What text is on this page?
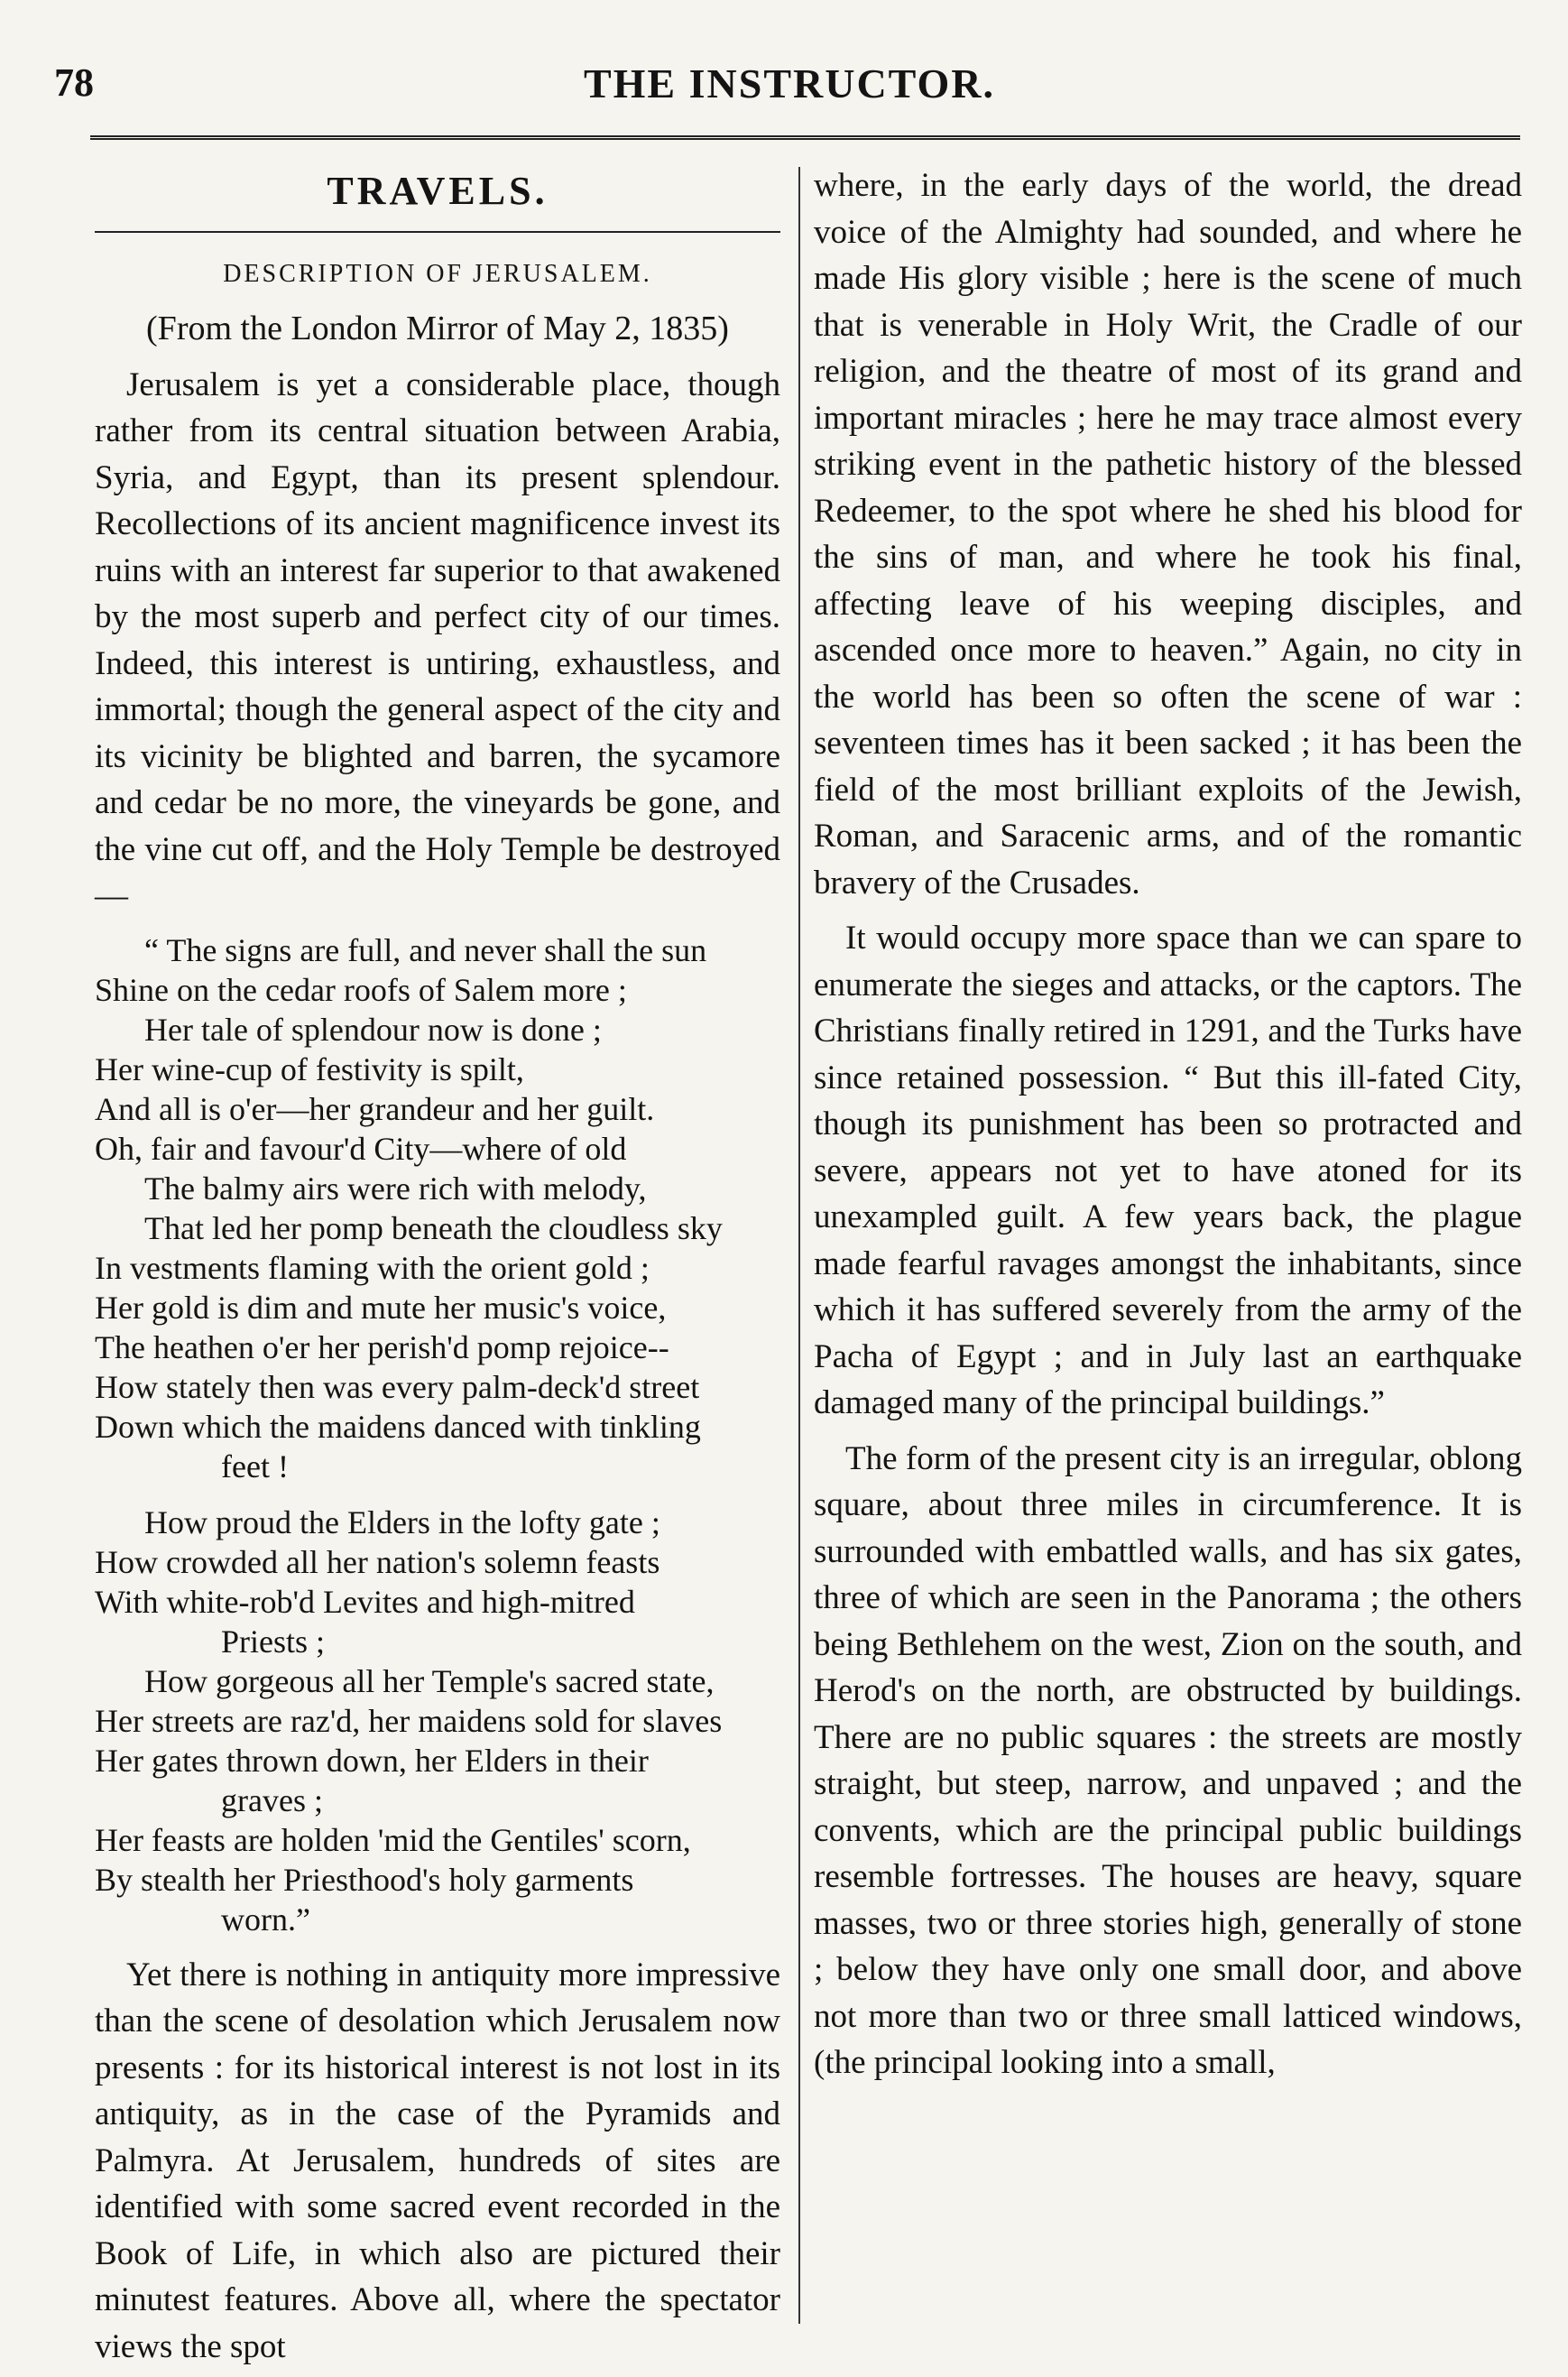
78	THE INSTRUCTOR.
TRAVELS.
DESCRIPTION OF JERUSALEM.
(From the London Mirror of May 2, 1835)

Jerusalem is yet a considerable place, though rather from its central situation between Arabia, Syria, and Egypt, than its present splendour. Recollections of its ancient magnificence invest its ruins with an interest far superior to that awakened by the most superb and perfect city of our times. Indeed, this interest is untiring, exhaustless, and immortal; though the general aspect of the city and its vicinity be blighted and barren, the sycamore and cedar be no more, the vineyards be gone, and the vine cut off, and the Holy Temple be destroyed—

“ The signs are full, and never shall the sun
Shine on the cedar roofs of Salem more ;
Her tale of splendour now is done ;
Her wine-cup of festivity is spilt,
And all is o'er—her grandeur and her guilt.
Oh, fair and favour'd City—where of old
The balmy airs were rich with melody,
That led her pomp beneath the cloudless sky
In vestments flaming with the orient gold ;
Her gold is dim and mute her music's voice,
The heathen o'er her perish'd pomp rejoice--
How stately then was every palm-deck'd street
Down which the maidens danced with tinkling
feet !
How proud the Elders in the lofty gate ;
How crowded all her nation's solemn feasts
With white-rob'd Levites and high-mitred
Priests ;
How gorgeous all her Temple's sacred state,
Her streets are raz'd, her maidens sold for slaves
Her gates thrown down, her Elders in their
graves ;
Her feasts are holden 'mid the Gentiles' scorn,
By stealth her Priesthood's holy garments
worn.”

Yet there is nothing in antiquity more impressive than the scene of desolation which Jerusalem now presents : for its historical interest is not lost in its antiquity, as in the case of the Pyramids and Palmyra. At Jerusalem, hundreds of sites are identified with some sacred event recorded in the Book of Life, in which also are pictured their minutest features. Above all, where the spectator views the spot

where, in the early days of the world, the dread voice of the Almighty had sounded, and where he made His glory visible ; here is the scene of much that is venerable in Holy Writ, the Cradle of our religion, and the theatre of most of its grand and important miracles ; here he may trace almost every striking event in the pathetic history of the blessed Redeemer, to the spot where he shed his blood for the sins of man, and where he took his final, affecting leave of his weeping disciples, and ascended once more to heaven.” Again, no city in the world has been so often the scene of war : seventeen times has it been sacked ; it has been the field of the most brilliant exploits of the Jewish, Roman, and Saracenic arms, and of the romantic bravery of the Crusades.

It would occupy more space than we can spare to enumerate the sieges and attacks, or the captors. The Christians finally retired in 1291, and the Turks have since retained possession. “ But this ill-fated City, though its punishment has been so protracted and severe, appears not yet to have atoned for its unexampled guilt. A few years back, the plague made fearful ravages amongst the inhabitants, since which it has suffered severely from the army of the Pacha of Egypt ; and in July last an earthquake damaged many of the principal buildings.”

The form of the present city is an irregular, oblong square, about three miles in circumference. It is surrounded with embattled walls, and has six gates, three of which are seen in the Panorama ; the others being Bethlehem on the west, Zion on the south, and Herod's on the north, are obstructed by buildings. There are no public squares : the streets are mostly straight, but steep, narrow, and unpaved ; and the convents, which are the principal public buildings resemble fortresses. The houses are heavy, square masses, two or three stories high, generally of stone ; below they have only one small door, and above not more than two or three small latticed windows, (the principal looking into a small,
